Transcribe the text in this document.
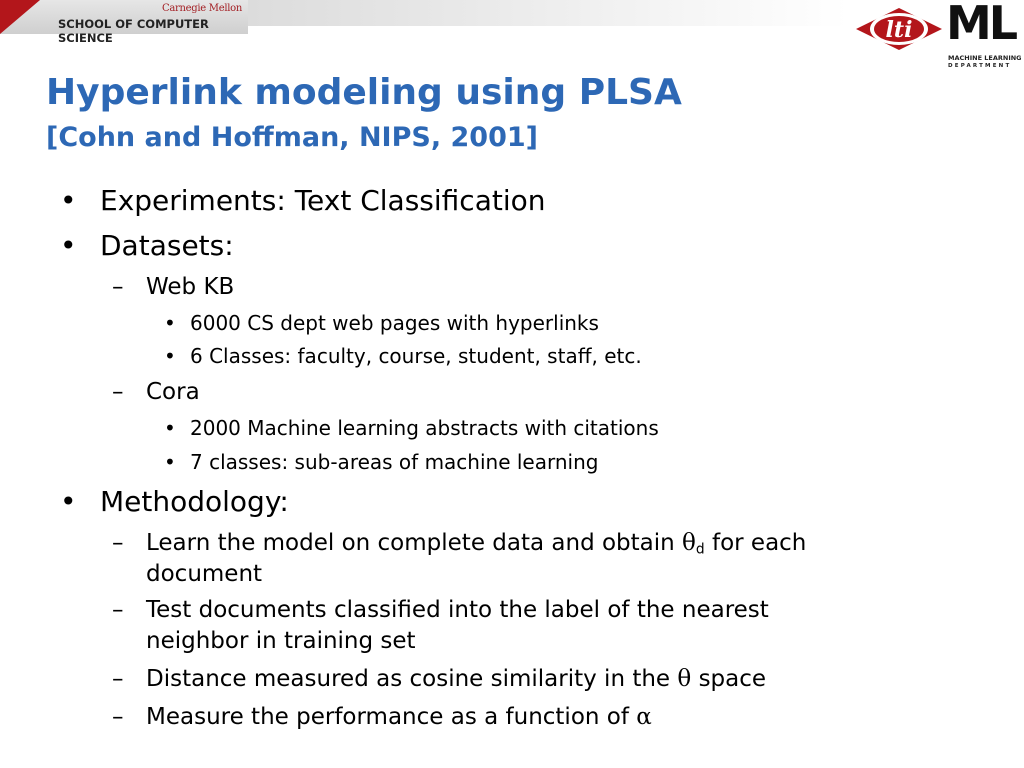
Carnegie Mellon
SCHOOL OF COMPUTER SCIENCE	lti ML
MACHINE LEARNING
DEPARTMENT
Hyperlink modeling using PLSA
[Cohn and Hoffman, NIPS, 2001]
• Experiments: Text Classification
• Datasets:
– Web KB
• 6000 CS dept web pages with hyperlinks
• 6 Classes: faculty, course, student, staff, etc.
– Cora
• 2000 Machine learning abstracts with citations
• 7 classes: sub-areas of machine learning
• Methodology:
– Learn the model on complete data and obtain $\theta_d$ for each
document
– Test documents classified into the label of the nearest
neighbor in training set
– Distance measured as cosine similarity in the θ space
– Measure the performance as a function of α
